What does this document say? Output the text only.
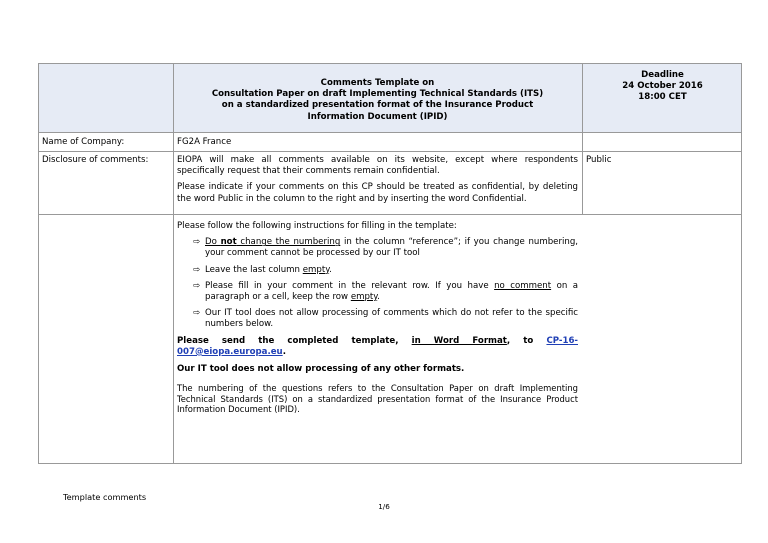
Comments Template on
Consultation Paper on draft Implementing Technical Standards (ITS)
on a standardized presentation format of the Insurance Product
Information Document (IPID)
Deadline
24 October 2016
18:00 CET
Name of Company:	FG2A France
Disclosure of comments:	EIOPA will make all comments available on its website, except where respondents specifically request that their comments remain confidential.

Please indicate if your comments on this CP should be treated as confidential, by deleting the word Public in the column to the right and by inserting the word Confidential.

Public

Please follow the following instructions for filling in the template:

⇨ Do not change the numbering in the column “reference”; if you change numbering, your comment cannot be processed by our IT tool
⇨ Leave the last column empty.
⇨ Please fill in your comment in the relevant row. If you have no comment on a paragraph or a cell, keep the row empty.
⇨ Our IT tool does not allow processing of comments which do not refer to the specific numbers below.

Please send the completed template, in Word Format, to CP-16-007@eiopa.europa.eu.

Our IT tool does not allow processing of any other formats.

The numbering of the questions refers to the Consultation Paper on draft Implementing Technical Standards (ITS) on a standardized presentation format of the Insurance Product Information Document (IPID).

Template comments
1/6
